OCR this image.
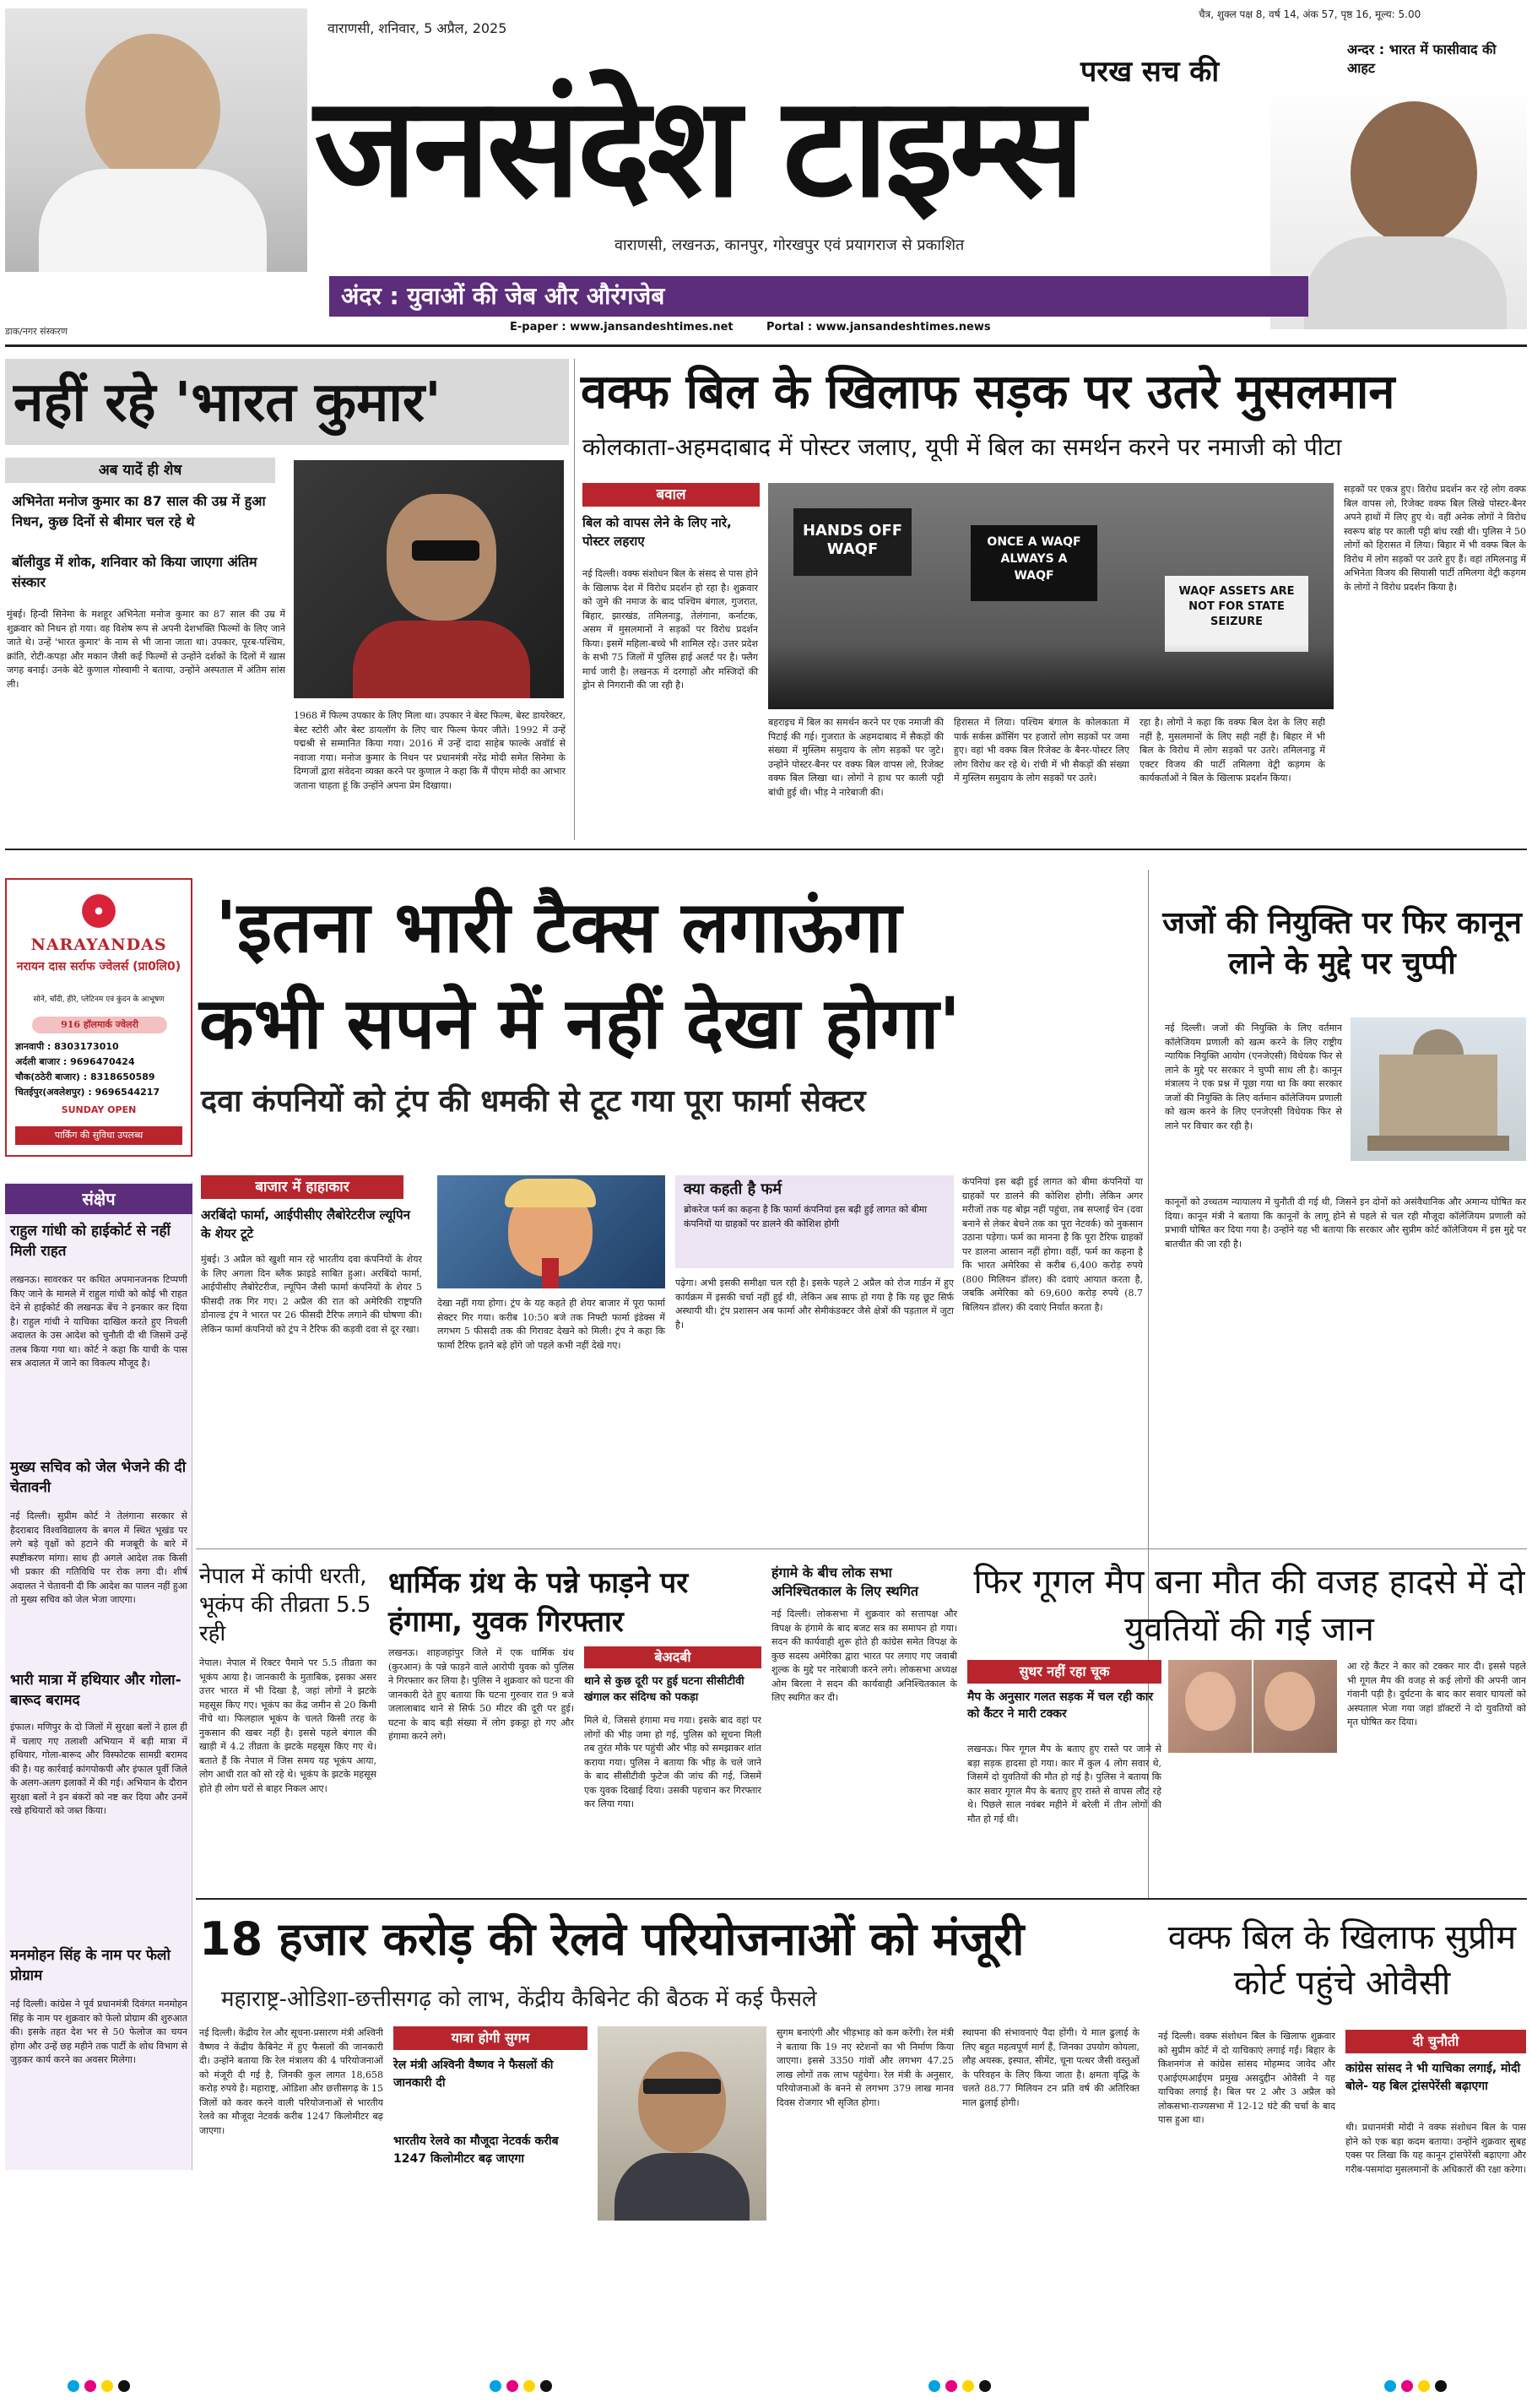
वाराणसी, शनिवार, 5 अप्रैल, 2025
चैत्र, शुक्ल पक्ष 8, वर्ष 14, अंक 57, पृष्ठ 16, मूल्य: 5.00
परख सच की
जनसंदेश टाइम्स
अन्दर : भारत में फासीवाद की आहट
वाराणसी, लखनऊ, कानपुर, गोरखपुर एवं प्रयागराज से प्रकाशित
अंदर : युवाओं की जेब और औरंगजेब
डाक/नगर संस्करण	E-paper : www.jansandeshtimes.net	Portal : www.jansandeshtimes.news
नहीं रहे 'भारत कुमार'
अब यादें ही शेष
अभिनेता मनोज कुमार का 87 साल की उम्र में हुआ निधन, कुछ दिनों से बीमार चल रहे थे
बॉलीवुड में शोक, शनिवार को किया जाएगा अंतिम संस्कार
मुंबई। हिन्दी सिनेमा के मशहूर अभिनेता मनोज कुमार का 87 साल की उम्र में शुक्रवार को निधन हो गया। वह विशेष रूप से अपनी देशभक्ति फिल्मों के लिए जाने जाते थे। उन्हें 'भारत कुमार' के नाम से भी जाना जाता था। उपकार, पूरब-पश्चिम, क्रांति, रोटी-कपड़ा और मकान जैसी कई फिल्मों से उन्होंने दर्शकों के दिलों में खास जगह बनाई। उनके बेटे कुणाल गोस्वामी ने बताया, उन्होंने अस्पताल में अंतिम सांस ली।
1968 में फिल्म उपकार के लिए मिला था। उपकार ने बेस्ट फिल्म, बेस्ट डायरेक्टर, बेस्ट स्टोरी और बेस्ट डायलॉग के लिए चार फिल्म फेयर जीते। 1992 में उन्हें पद्मश्री से सम्मानित किया गया। 2016 में उन्हें दादा साहेब फाल्के अवॉर्ड से नवाजा गया। मनोज कुमार के निधन पर प्रधानमंत्री नरेंद्र मोदी समेत सिनेमा के दिग्गजों द्वारा संवेदना व्यक्त करने पर कुणाल ने कहा कि मैं पीएम मोदी का आभार जताना चाहता हूं कि उन्होंने अपना प्रेम दिखाया।
वक्फ बिल के खिलाफ सड़क पर उतरे मुसलमान
कोलकाता-अहमदाबाद में पोस्टर जलाए, यूपी में बिल का समर्थन करने पर नमाजी को पीटा
बवाल
बिल को वापस लेने के लिए नारे, पोस्टर लहराए
नई दिल्ली। वक्फ संशोधन बिल के संसद से पास होने के खिलाफ देश में विरोध प्रदर्शन हो रहा है। शुक्रवार को जुमे की नमाज के बाद पश्चिम बंगाल, गुजरात, बिहार, झारखंड, तमिलनाडु, तेलंगाना, कर्नाटक, असम में मुसलमानों ने सड़कों पर विरोध प्रदर्शन किया। इसमें महिला-बच्चे भी शामिल रहे। उत्तर प्रदेश के सभी 75 जिलों में पुलिस हाई अलर्ट पर है। फ्लैग मार्च जारी है। लखनऊ में दरगाहों और मस्जिदों की ड्रोन से निगरानी की जा रही है।
HANDS OFF WAQF	ONCE A WAQF ALWAYS A WAQF
WAQF ASSETS ARE NOT FOR STATE SEIZURE
बहराइच में बिल का समर्थन करने पर एक नमाजी की पिटाई की गई। गुजरात के अहमदाबाद में सैकड़ों की संख्या में मुस्लिम समुदाय के लोग सड़कों पर जुटे। उन्होंने पोस्टर-बैनर पर वक्फ बिल वापस लो, रिजेक्ट वक्फ बिल लिखा था। लोगों ने हाथ पर काली पट्टी बांधी हुई थी। भीड़ ने नारेबाजी की।
हिरासत में लिया। पश्चिम बंगाल के कोलकाता में पार्क सर्कस क्रॉसिंग पर हजारों लोग सड़कों पर जमा हुए। वहां भी वक्फ बिल रिजेक्ट के बैनर-पोस्टर लिए लोग विरोध कर रहे थे। रांची में भी सैकड़ों की संख्या में मुस्लिम समुदाय के लोग सड़कों पर उतरे।
रहा है। लोगों ने कहा कि वक्फ बिल देश के लिए सही नहीं है, मुसलमानों के लिए सही नहीं है। बिहार में भी बिल के विरोध में लोग सड़कों पर उतरे। तमिलनाडु में एक्टर विजय की पार्टी तमिलगा वेट्री कड़गम के कार्यकर्ताओं ने बिल के खिलाफ प्रदर्शन किया।
सड़कों पर एकत्र हुए। विरोध प्रदर्शन कर रहे लोग वक्फ बिल वापस लो, रिजेक्ट वक्फ बिल लिखे पोस्टर-बैनर अपने हाथों में लिए हुए थे। वहीं अनेक लोगों ने विरोध स्वरूप बांह पर काली पट्टी बांध रखी थी। पुलिस ने 50 लोगों को हिरासत में लिया। बिहार में भी वक्फ बिल के विरोध में लोग सड़कों पर उतरे हुए हैं। वहां तमिलनाडु में अभिनेता विजय की सियासी पार्टी तमिलगा वेट्री कड़गम के लोगों ने विरोध प्रदर्शन किया है।
NARAYANDAS
नरायन दास सर्राफ ज्वेलर्स (प्रा0लि0)
सोने, चाँदी, हीरे, प्लेटिनम एवं कुंदन के आभूषण
916 हॉलमार्क ज्वेलरी
ज्ञानवापी : 8303173010
अर्दली बाजार : 9696470424
चौक(ठठेरी बाजार) : 8318650589
चितईपुर(अवलेशपुर) : 9696544217
SUNDAY OPEN
पार्किंग की सुविधा उपलब्ध
'इतना भारी टैक्स लगाऊंगा
कभी सपने में नहीं देखा होगा'
दवा कंपनियों को ट्रंप की धमकी से टूट गया पूरा फार्मा सेक्टर
जजों की नियुक्ति पर फिर कानून लाने के मुद्दे पर चुप्पी
नई दिल्ली। जजों की नियुक्ति के लिए वर्तमान कॉलेजियम प्रणाली को खत्म करने के लिए राष्ट्रीय न्यायिक नियुक्ति आयोग (एनजेएसी) विधेयक फिर से लाने के मुद्दे पर सरकार ने चुप्पी साध ली है। कानून मंत्रालय ने एक प्रश्न में पूछा गया था कि क्या सरकार जजों की नियुक्ति के लिए वर्तमान कॉलेजियम प्रणाली को खत्म करने के लिए एनजेएसी विधेयक फिर से लाने पर विचार कर रही है।
संक्षेप
राहुल गांधी को हाईकोर्ट से नहीं मिली राहत
लखनऊ। सावरकर पर कथित अपमानजनक टिप्पणी किए जाने के मामले में राहुल गांधी को कोई भी राहत देने से हाईकोर्ट की लखनऊ बेंच ने इनकार कर दिया है। राहुल गांधी ने याचिका दाखिल करते हुए निचली अदालत के उस आदेश को चुनौती दी थी जिसमें उन्हें तलब किया गया था। कोर्ट ने कहा कि याची के पास सत्र अदालत में जाने का विकल्प मौजूद है।
मुख्य सचिव को जेल भेजने की दी चेतावनी
नई दिल्ली। सुप्रीम कोर्ट ने तेलंगाना सरकार से हैदराबाद विश्वविद्यालय के बगल में स्थित भूखंड पर लगे बड़े वृक्षों को हटाने की मजबूरी के बारे में स्पष्टीकरण मांगा। साथ ही अगले आदेश तक किसी भी प्रकार की गतिविधि पर रोक लगा दी। शीर्ष अदालत ने चेतावनी दी कि आदेश का पालन नहीं हुआ तो मुख्य सचिव को जेल भेजा जाएगा।
भारी मात्रा में हथियार और गोला-बारूद बरामद
इंफाल। मणिपुर के दो जिलों में सुरक्षा बलों ने हाल ही में चलाए गए तलाशी अभियान में बड़ी मात्रा में हथियार, गोला-बारूद और विस्फोटक सामग्री बरामद की है। यह कार्रवाई कांगपोकपी और इंफाल पूर्वी जिले के अलग-अलग इलाकों में की गई। अभियान के दौरान सुरक्षा बलों ने इन बंकरों को नष्ट कर दिया और उनमें रखे हथियारों को जब्त किया।
मनमोहन सिंह के नाम पर फेलो प्रोग्राम
नई दिल्ली। कांग्रेस ने पूर्व प्रधानमंत्री दिवंगत मनमोहन सिंह के नाम पर शुक्रवार को फेलो प्रोग्राम की शुरुआत की। इसके तहत देश भर से 50 फेलोज का चयन होगा और उन्हें छह महीने तक पार्टी के शोध विभाग से जुड़कर कार्य करने का अवसर मिलेगा।
बाजार में हाहाकार
अरबिंदो फार्मा, आईपीसीए लैबोरेटरीज ल्यूपिन के शेयर टूटे
मुंबई। 3 अप्रैल को खुशी मान रहे भारतीय दवा कंपनियों के शेयर के लिए अगला दिन ब्लैक फ्राइडे साबित हुआ। अरबिंदो फार्मा, आईपीसीए लैबोरेटरीज, ल्यूपिन जैसी फार्मा कंपनियों के शेयर 5 फीसदी तक गिर गए। 2 अप्रैल की रात को अमेरिकी राष्ट्रपति डोनाल्ड ट्रंप ने भारत पर 26 फीसदी टैरिफ लगाने की घोषणा की। लेकिन फार्मा कंपनियों को ट्रंप ने टैरिफ की कड़वी दवा से दूर रखा।
देखा नहीं गया होगा। ट्रंप के यह कहते ही शेयर बाजार में पूरा फार्मा सेक्टर गिर गया। करीब 10:50 बजे तक निफ्टी फार्मा इंडेक्स में लगभग 5 फीसदी तक की गिरावट देखने को मिली। ट्रंप ने कहा कि फार्मा टैरिफ इतने बड़े होंगे जो पहले कभी नहीं देखे गए।
क्या कहती है फर्म
ब्रोकरेज फर्म का कहना है कि फार्मा कंपनियां इस बढ़ी हुई लागत को बीमा कंपनियों या ग्राहकों पर डालने की कोशिश होगी
पढ़ेगा। अभी इसकी समीक्षा चल रही है। इसके पहले 2 अप्रैल को रोज गार्डन में हुए कार्यक्रम में इसकी चर्चा नहीं हुई थी, लेकिन अब साफ हो गया है कि यह छूट सिर्फ अस्थायी थी। ट्रंप प्रशासन अब फार्मा और सेमीकंडक्टर जैसे क्षेत्रों की पड़ताल में जुटा है।
कंपनियां इस बढ़ी हुई लागत को बीमा कंपनियों या ग्राहकों पर डालने की कोशिश होगी। लेकिन अगर मरीजों तक यह बोझ नहीं पहुंचा, तब सप्लाई चेन (दवा बनाने से लेकर बेचने तक का पूरा नेटवर्क) को नुकसान उठाना पड़ेगा। फर्म का मानना है कि पूरा टैरिफ ग्राहकों पर डालना आसान नहीं होगा। वहीं, फर्म का कहना है कि भारत अमेरिका से करीब 6,400 करोड़ रुपये (800 मिलियन डॉलर) की दवाएं आयात करता है, जबकि अमेरिका को 69,600 करोड़ रुपये (8.7 बिलियन डॉलर) की दवाएं निर्यात करता है।
कानूनों को उच्चतम न्यायालय में चुनौती दी गई थी, जिसने इन दोनों को असंवैधानिक और अमान्य घोषित कर दिया। कानून मंत्री ने बताया कि कानूनों के लागू होने से पहले से चल रही मौजूदा कॉलेजियम प्रणाली को प्रभावी घोषित कर दिया गया है। उन्होंने यह भी बताया कि सरकार और सुप्रीम कोर्ट कॉलेजियम में इस मुद्दे पर बातचीत की जा रही है।
नेपाल में कांपी धरती, भूकंप की तीव्रता 5.5 रही
नेपाल। नेपाल में रिक्टर पैमाने पर 5.5 तीव्रता का भूकंप आया है। जानकारी के मुताबिक, इसका असर उत्तर भारत में भी दिखा है, जहां लोगों ने झटके महसूस किए गए। भूकंप का केंद्र जमीन से 20 किमी नीचे था। फिलहाल भूकंप के चलते किसी तरह के नुकसान की खबर नहीं है। इससे पहले बंगाल की खाड़ी में 4.2 तीव्रता के झटके महसूस किए गए थे। बताते हैं कि नेपाल में जिस समय यह भूकंप आया, लोग आधी रात को सो रहे थे। भूकंप के झटके महसूस होते ही लोग घरों से बाहर निकल आए।
धार्मिक ग्रंथ के पन्ने फाड़ने पर हंगामा, युवक गिरफ्तार
लखनऊ। शाहजहांपुर जिले में एक धार्मिक ग्रंथ (कुरआन) के पन्ने फाड़ने वाले आरोपी युवक को पुलिस ने गिरफ्तार कर लिया है। पुलिस ने शुक्रवार को घटना की जानकारी देते हुए बताया कि घटना गुरुवार रात 9 बजे जलालाबाद थाने से सिर्फ 50 मीटर की दूरी पर हुई। घटना के बाद बड़ी संख्या में लोग इकट्ठा हो गए और हंगामा करने लगे।
बेअदबी
थाने से कुछ दूरी पर हुई घटना सीसीटीवी खंगाल कर संदिग्ध को पकड़ा
मिले थे, जिससे हंगामा मच गया। इसके बाद वहां पर लोगों की भीड़ जमा हो गई, पुलिस को सूचना मिली तब तुरंत मौके पर पहुंची और भीड़ को समझाकर शांत कराया गया। पुलिस ने बताया कि भीड़ के चले जाने के बाद सीसीटीवी फुटेज की जांच की गई, जिसमें एक युवक दिखाई दिया। उसकी पहचान कर गिरफ्तार कर लिया गया।
हंगामे के बीच लोक सभा अनिश्चितकाल के लिए स्थगित
नई दिल्ली। लोकसभा में शुक्रवार को सत्तापक्ष और विपक्ष के हंगामे के बाद बजट सत्र का समापन हो गया। सदन की कार्यवाही शुरू होते ही कांग्रेस समेत विपक्ष के कुछ सदस्य अमेरिका द्वारा भारत पर लगाए गए जवाबी शुल्क के मुद्दे पर नारेबाजी करने लगे। लोकसभा अध्यक्ष ओम बिरला ने सदन की कार्यवाही अनिश्चितकाल के लिए स्थगित कर दी।
फिर गूगल मैप बना मौत की वजह हादसे में दो युवतियों की गई जान
सुधर नहीं रहा चूक
मैप के अनुसार गलत सड़क में चल रही कार को कैंटर ने मारी टक्कर
लखनऊ। फिर गूगल मैप के बताए हुए रास्ते पर जाने से बड़ा सड़क हादसा हो गया। कार में कुल 4 लोग सवार थे, जिसमें दो युवतियों की मौत हो गई है। पुलिस ने बताया कि कार सवार गूगल मैप के बताए हुए रास्ते से वापस लौट रहे थे। पिछले साल नवंबर महीने में बरेली में तीन लोगों की मौत हो गई थी।
आ रहे कैंटर ने कार को टक्कर मार दी। इससे पहले भी गूगल मैप की वजह से कई लोगों की अपनी जान गंवानी पड़ी है। दुर्घटना के बाद कार सवार घायलों को अस्पताल भेजा गया जहां डॉक्टरों ने दो युवतियों को मृत घोषित कर दिया।
18 हजार करोड़ की रेलवे परियोजनाओं को मंजूरी
महाराष्ट्र-ओडिशा-छत्तीसगढ़ को लाभ, केंद्रीय कैबिनेट की बैठक में कई फैसले
नई दिल्ली। केंद्रीय रेल और सूचना-प्रसारण मंत्री अश्विनी वैष्णव ने केंद्रीय कैबिनेट में हुए फैसलों की जानकारी दी। उन्होंने बताया कि रेल मंत्रालय की 4 परियोजनाओं को मंजूरी दी गई है, जिनकी कुल लागत 18,658 करोड़ रुपये है। महाराष्ट्र, ओडिशा और छत्तीसगढ़ के 15 जिलों को कवर करने वाली परियोजनाओं से भारतीय रेलवे का मौजूदा नेटवर्क करीब 1247 किलोमीटर बढ़ जाएगा।
यात्रा होगी सुगम
रेल मंत्री अश्विनी वैष्णव ने फैसलों की जानकारी दी
भारतीय रेलवे का मौजूदा नेटवर्क करीब 1247 किलोमीटर बढ़ जाएगा
सुगम बनाएंगी और भीड़भाड़ को कम करेंगी। रेल मंत्री ने बताया कि 19 नए स्टेशनों का भी निर्माण किया जाएगा। इससे 3350 गांवों और लगभग 47.25 लाख लोगों तक लाभ पहुंचेगा। रेल मंत्री के अनुसार, परियोजनाओं के बनने से लगभग 379 लाख मानव दिवस रोजगार भी सृजित होगा।
स्थापना की संभावनाएं पैदा होंगी। ये माल ढुलाई के लिए बहुत महत्वपूर्ण मार्ग हैं, जिनका उपयोग कोयला, लौह अयस्क, इस्पात, सीमेंट, चूना पत्थर जैसी वस्तुओं के परिवहन के लिए किया जाता है। क्षमता वृद्धि के चलते 88.77 मिलियन टन प्रति वर्ष की अतिरिक्त माल ढुलाई होगी।
वक्फ बिल के खिलाफ सुप्रीम कोर्ट पहुंचे ओवैसी
नई दिल्ली। वक्फ संशोधन बिल के खिलाफ शुक्रवार को सुप्रीम कोर्ट में दो याचिकाएं लगाई गईं। बिहार के किशनगंज से कांग्रेस सांसद मोहम्मद जावेद और एआईएमआईएम प्रमुख असदुद्दीन ओवैसी ने यह याचिका लगाई है। बिल पर 2 और 3 अप्रैल को लोकसभा-राज्यसभा में 12-12 घंटे की चर्चा के बाद पास हुआ था।
दी चुनौती
कांग्रेस सांसद ने भी याचिका लगाई, मोदी बोले- यह बिल ट्रांसपेरेंसी बढ़ाएगा
थी। प्रधानमंत्री मोदी ने वक्फ संशोधन बिल के पास होने को एक बड़ा कदम बताया। उन्होंने शुक्रवार सुबह एक्स पर लिखा कि यह कानून ट्रांसपेरेंसी बढ़ाएगा और गरीब-पसमांदा मुसलमानों के अधिकारों की रक्षा करेगा।
